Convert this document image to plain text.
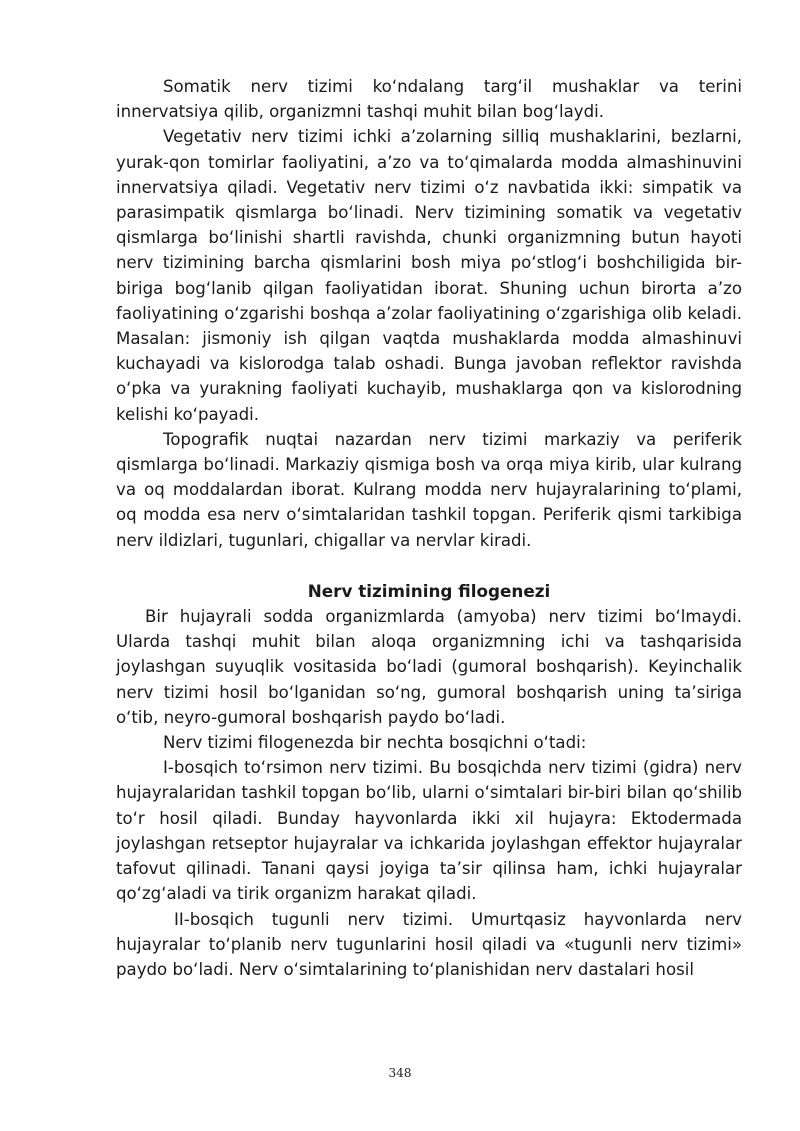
Somatik nerv tizimi ko‘ndalang targ‘il mushaklar va terini innervatsiya qilib, organizmni tashqi muhit bilan bog‘laydi.

Vegetativ nerv tizimi ichki a’zolarning silliq mushaklarini, bezlarni, yurak-qon tomirlar faoliyatini, a’zo va to‘qimalarda modda almashinuvini innervatsiya qiladi. Vegetativ nerv tizimi o‘z navbatida ikki: simpatik va parasimpatik qismlarga bo‘linadi. Nerv tizimining somatik va vegetativ qismlarga bo‘linishi shartli ravishda, chunki organizmning butun hayoti nerv tizimining barcha qismlarini bosh miya po‘stlog‘i boshchiligida bir-biriga bog‘lanib qilgan faoliyatidan iborat. Shuning uchun birorta a’zo faoliyatining o‘zgarishi boshqa a’zolar faoliyatining o‘zgarishiga olib keladi. Masalan: jismoniy ish qilgan vaqtda mushaklarda modda almashinuvi kuchayadi va kislorodga talab oshadi. Bunga javoban reflektor ravishda o‘pka va yurakning faoliyati kuchayib, mushaklarga qon va kislorodning kelishi ko‘payadi.

Topografik nuqtai nazardan nerv tizimi markaziy va periferik qismlarga bo‘linadi. Markaziy qismiga bosh va orqa miya kirib, ular kulrang va oq moddalardan iborat. Kulrang modda nerv hujayralarining to‘plami, oq modda esa nerv o‘simtalaridan tashkil topgan. Periferik qismi tarkibiga nerv ildizlari, tugunlari, chigallar va nervlar kiradi.

Nerv tizimining filogenezi

Bir hujayrali sodda organizmlarda (amyoba) nerv tizimi bo‘lmaydi. Ularda tashqi muhit bilan aloqa organizmning ichi va tashqarisida joylashgan suyuqlik vositasida bo‘ladi (gumoral boshqarish). Keyinchalik nerv tizimi hosil bo‘lganidan so‘ng, gumoral boshqarish uning ta’siriga o‘tib, neyro-gumoral boshqarish paydo bo‘ladi.

Nerv tizimi filogenezda bir nechta bosqichni o‘tadi:

I-bosqich to‘rsimon nerv tizimi. Bu bosqichda nerv tizimi (gidra) nerv hujayralaridan tashkil topgan bo‘lib, ularni o‘simtalari bir-biri bilan qo‘shilib to‘r hosil qiladi. Bunday hayvonlarda ikki xil hujayra: Ektodermada joylashgan retseptor hujayralar va ichkarida joylashgan effektor hujayralar tafovut qilinadi. Tanani qaysi joyiga ta’sir qilinsa ham, ichki hujayralar qo‘zg‘aladi va tirik organizm harakat qiladi.

II-bosqich tugunli nerv tizimi. Umurtqasiz hayvonlarda nerv hujayralar to‘planib nerv tugunlarini hosil qiladi va «tugunli nerv tizimi» paydo bo‘ladi. Nerv o‘simtalarining to‘planishidan nerv dastalari hosil

348
